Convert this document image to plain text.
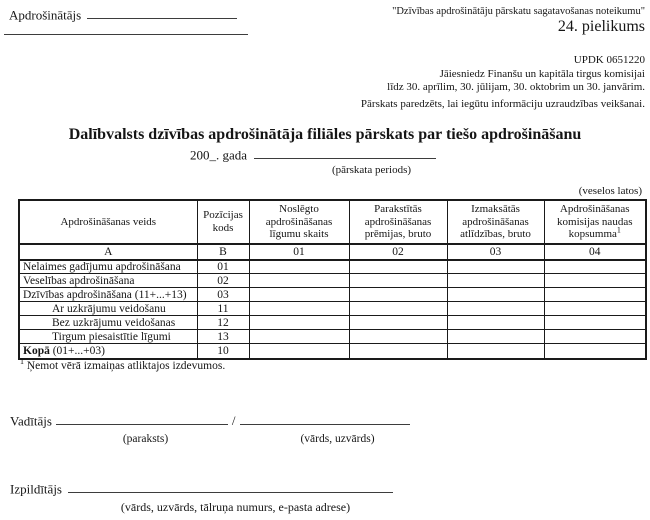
Apdrošinātājs	"Dzīvības apdrošinātāju pārskatu sagatavošanas noteikumu"
24. pielikums
UPDK 0651220
Jāiesniedz Finanšu un kapitāla tirgus komisijai
līdz 30. aprīlim, 30. jūlijam, 30. oktobrim un 30. janvārim.
Pārskats paredzēts, lai iegūtu informāciju uzraudzības veikšanai.
Dalībvalsts dzīvības apdrošinātāja filiāles pārskats par tiešo apdrošināšanu
200_. gada
(pārskata periods)
(veselos latos)
Apdrošināšanas veids	Pozīcijas kods	Noslēgto apdrošināšanas līgumu skaits	Parakstītās apdrošināšanas prēmijas, bruto	Izmaksātās apdrošināšanas atlīdzības, bruto	Apdrošināšanas komisijas naudas kopsumma$^1$
A	B	01	02	03	04
Nelaimes gadījumu apdrošināšana	01				
Veselības apdrošināšana	02				
Dzīvības apdrošināšana (11+...+13)	03				
Ar uzkrājumu veidošanu	11				
Bez uzkrājumu veidošanas	12				
Tirgum piesaistītie līgumi	13				
Kopā (01+...+03)	10				
$^1$ Ņemot vērā izmaiņas atliktajos izdevumos.
Vadītājs	/
(paraksts)	(vārds, uzvārds)
Izpildītājs
(vārds, uzvārds, tālruņa numurs, e-pasta adrese)
